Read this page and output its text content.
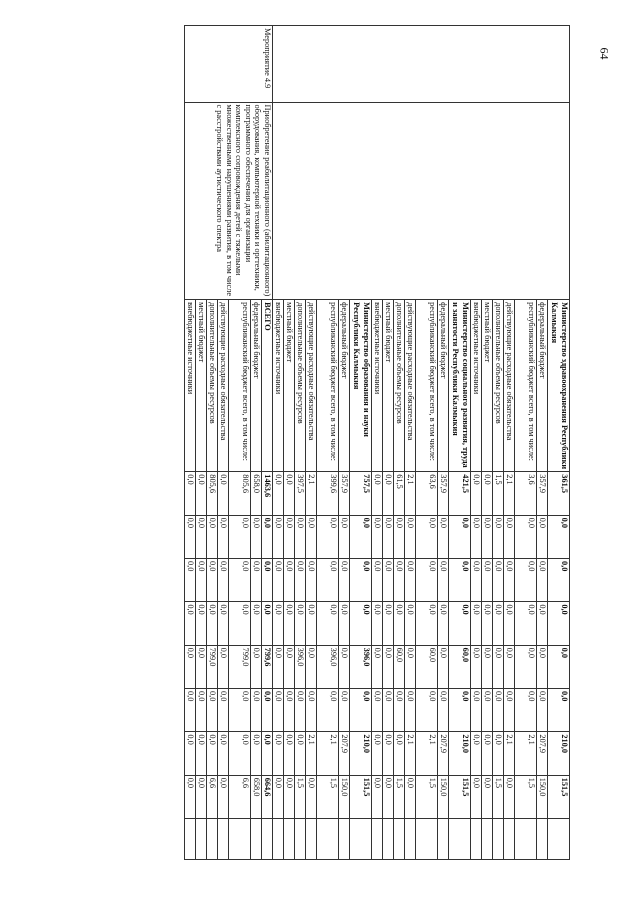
64
		Министерство здравоохранения Республики Калмыкия	361,5	0,0	0,0	0,0	0,0	0,0	210,0	151,5	
		федеральный бюджет	357,9	0,0	0,0	0,0	0,0	0,0	207,9	150,0	
		республиканский бюджет всего, в том числе:	3,6	0,0	0,0	0,0	0,0	0,0	2,1	1,5	
		действующие расходные обязательства	2,1	0,0	0,0	0,0	0,0	0,0	2,1	0,0	
		дополнительные объемы ресурсов	1,5	0,0	0,0	0,0	0,0	0,0	0,0	1,5	
		местный бюджет	0,0	0,0	0,0	0,0	0,0	0,0	0,0	0,0	
		внебюджетные источники	0,0	0,0	0,0	0,0	0,0	0,0	0,0	0,0	
		Министерство социального развития, труда и занятости Республики Калмыкия	421,5	0,0	0,0	0,0	60,0	0,0	210,0	151,5	
		федеральный бюджет	357,9	0,0	0,0	0,0	0,0	0,0	207,9	150,0	
		республиканский бюджет всего, в том числе:	63,6	0,0	0,0	0,0	60,0	0,0	2,1	1,5	
		действующие расходные обязательства	2,1	0,0	0,0	0,0	0,0	0,0	2,1	0,0	
		дополнительные объемы ресурсов	61,5	0,0	0,0	0,0	60,0	0,0	0,0	1,5	
		местный бюджет	0,0	0,0	0,0	0,0	0,0	0,0	0,0	0,0	
		внебюджетные источники	0,0	0,0	0,0	0,0	0,0	0,0	0,0	0,0	
		Министерство образования и науки Республики Калмыкия	757,5	0,0	0,0	0,0	396,0	0,0	210,0	151,5	
		федеральный бюджет	357,9	0,0	0,0	0,0	0,0	0,0	207,9	150,0	
		республиканский бюджет всего, в том числе:	399,6	0,0	0,0	0,0	396,0	0,0	2,1	1,5	
		действующие расходные обязательства	2,1	0,0	0,0	0,0	0,0	0,0	2,1	0,0	
		дополнительные объемы ресурсов	397,5	0,0	0,0	0,0	396,0	0,0	0,0	1,5	
		местный бюджет	0,0	0,0	0,0	0,0	0,0	0,0	0,0	0,0	
		внебюджетные источники	0,0	0,0	0,0	0,0	0,0	0,0	0,0	0,0	
Мероприятие 4.9	Приобретение реабилитационного (абилитационного) оборудования, компьютерной техники и оргтехники, программного обеспечения для организации комплексного сопровождения детей с тяжелыми множественными нарушениями развития, в том числе с расстройствами аутистического спектра	ВСЕГО	1463,6	0,0	0,0	0,0	799,6	0,0	0,0	664,6	
		федеральный бюджет	658,0	0,0	0,0	0,0	0,0	0,0	0,0	658,0	
		республиканский бюджет всего, в том числе:	805,6	0,0	0,0	0,0	799,0	0,0	0,0	6,6	
		действующие расходные обязательства	0,0	0,0	0,0	0,0	0,0	0,0	0,0	0,0	
		дополнительные объемы ресурсов	805,6	0,0	0,0	0,0	799,0	0,0	0,0	6,6	
		местный бюджет	0,0	0,0	0,0	0,0	0,0	0,0	0,0	0,0	
		внебюджетные источники	0,0	0,0	0,0	0,0	0,0	0,0	0,0	0,0	
